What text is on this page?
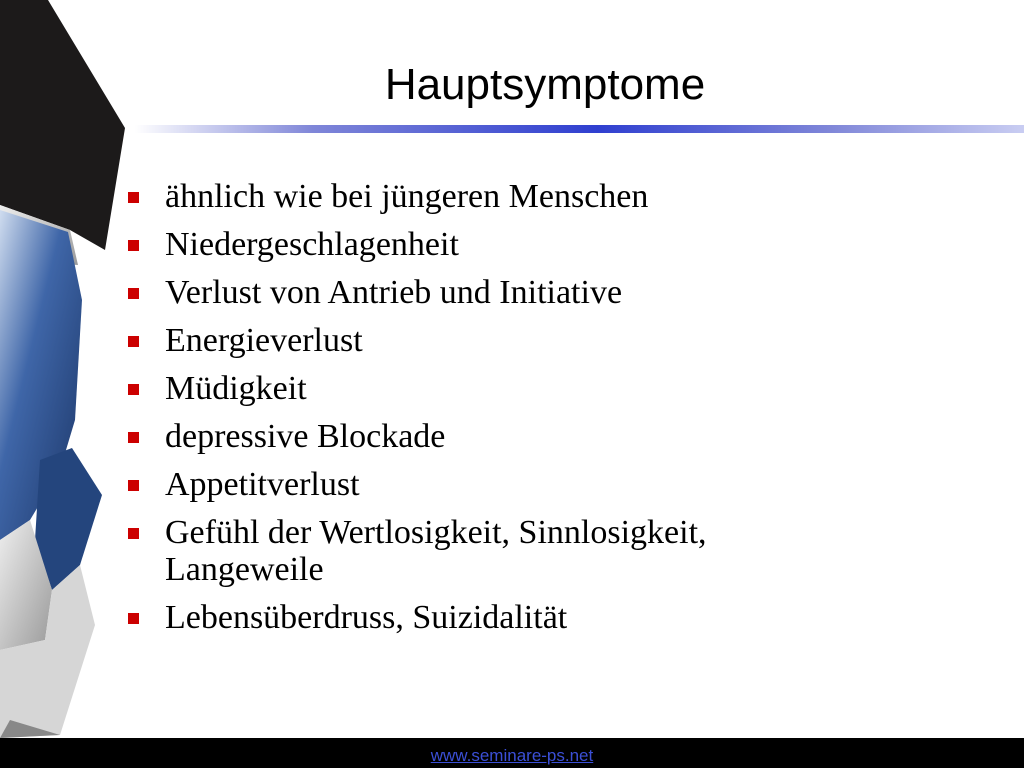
Hauptsymptome
ähnlich wie bei jüngeren Menschen
Niedergeschlagenheit
Verlust von Antrieb und Initiative
Energieverlust
Müdigkeit
depressive Blockade
Appetitverlust
Gefühl der Wertlosigkeit, Sinnlosigkeit, Langeweile
Lebensüberdruss, Suizidalität
www.seminare-ps.net
